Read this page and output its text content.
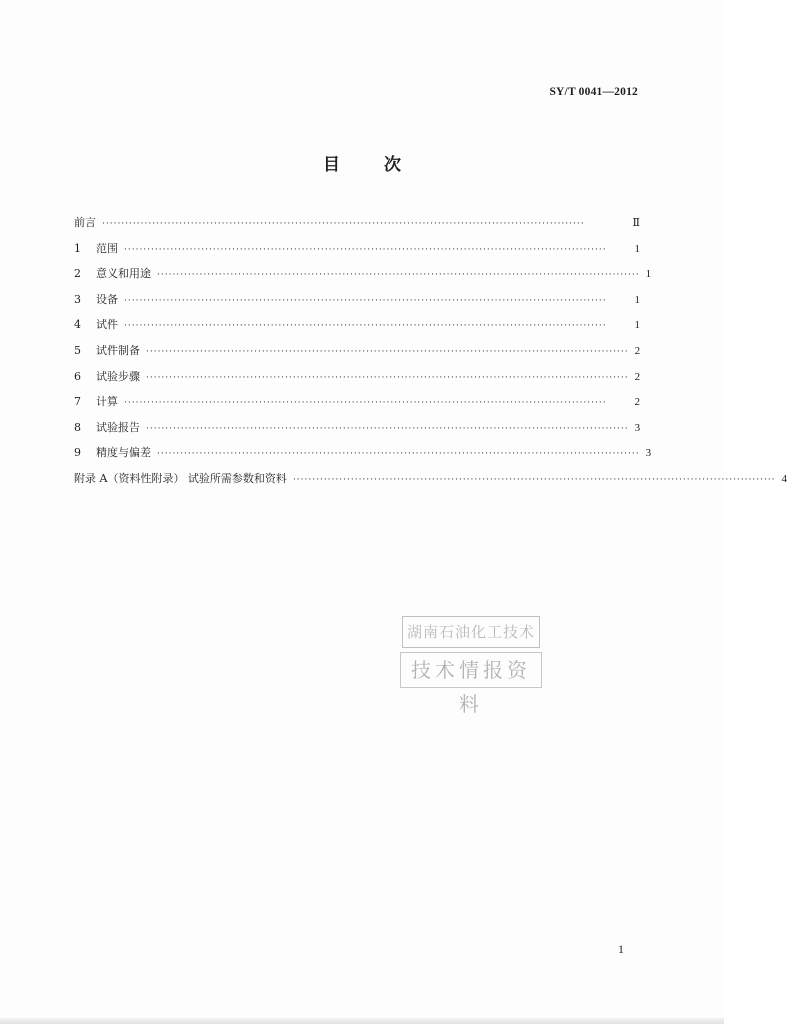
SY/T 0041—2012
目	次
前言 ·····························································································································	Ⅱ
1	范围 ·····························································································································	1
2	意义和用途 ····························································································································· 1
3	设备 ·····························································································································	1
4	试件 ·····························································································································	1
5	试件制备 ····························································································································· 2
6	试验步骤 ····························································································································· 2
7	计算 ·····························································································································	2
8	试验报告 ····························································································································· 3
9	精度与偏差 ····························································································································· 3
附录 A（资料性附录） 试验所需参数和资料 ····························································································································· 4
湖南石油化工技术
技术情报资料
1
